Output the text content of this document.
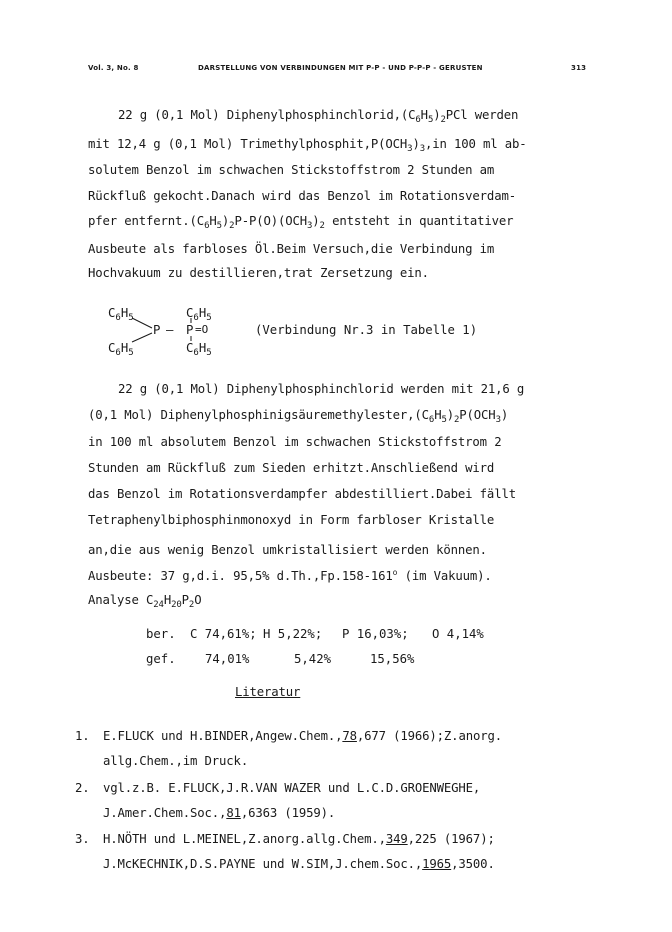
Vol. 3, No. 8	DARSTELLUNG VON VERBINDUNGEN MIT P-P - UND P-P-P - GERUSTEN	313
22 g (0,1 Mol) $Diphenylphosphinchlorid,(C_6H_5)_2PCl$ werden
mit 12,4 g (0,1 Mol) $Trimethylphosphit,P(OCH_3)_3,in$ 100 ml ab-
solutem Benzol im schwachen Stickstoffstrom 2 Stunden am
Rückfluß gekocht.Danach wird das Benzol im Rotationsverdam-
pfer $entfernt.(C_6H_5)_2P-P(O)(OCH_3)_2$ entsteht in quantitativer
Ausbeute als farbloses Öl.Beim Versuch,die Verbindung im
Hochvakuum zu destillieren,trat Zersetzung ein.
$C_6H_5$
$C_6H_5$
$C_6H_5$
$C_6H_5$
P — P =O	(Verbindung Nr.3 in Tabelle 1)
22 g (0,1 Mol) Diphenylphosphinchlorid werden mit 21,6 g
(0,1 Mol) $Diphenylphosphinigsäuremethylester,(C_6H_5)_2P(OCH_3)$
in 100 ml absolutem Benzol im schwachen Stickstoffstrom 2
Stunden am Rückfluß zum Sieden erhitzt.Anschließend wird
das Benzol im Rotationsverdampfer abdestilliert.Dabei fällt
Tetraphenylbiphosphinmonoxyd in Form farbloser Kristalle
an,die aus wenig Benzol umkristallisiert werden können.
Ausbeute: 37 g,d.i. 95,5% d.Th.,Fp.158-161$^o$ (im Vakuum).
Analyse $C_{24}H_{20}P_2O$
ber. C 74,61%; H 5,22%; P 16,03%; O 4,14%
gef. 74,01%	5,42%	15,56%
Literatur
1. E.FLUCK und H.BINDER,Angew.Chem.,78,677 (1966);Z.anorg.
allg.Chem.,im Druck.
2. vgl.z.B. E.FLUCK,J.R.VAN WAZER und L.C.D.GROENWEGHE,
J.Amer.Chem.Soc.,81,6363 (1959).
3. H.NÖTH und L.MEINEL,Z.anorg.allg.Chem.,349,225 (1967);
J.McKECHNIK,D.S.PAYNE und W.SIM,J.chem.Soc.,1965,3500.
